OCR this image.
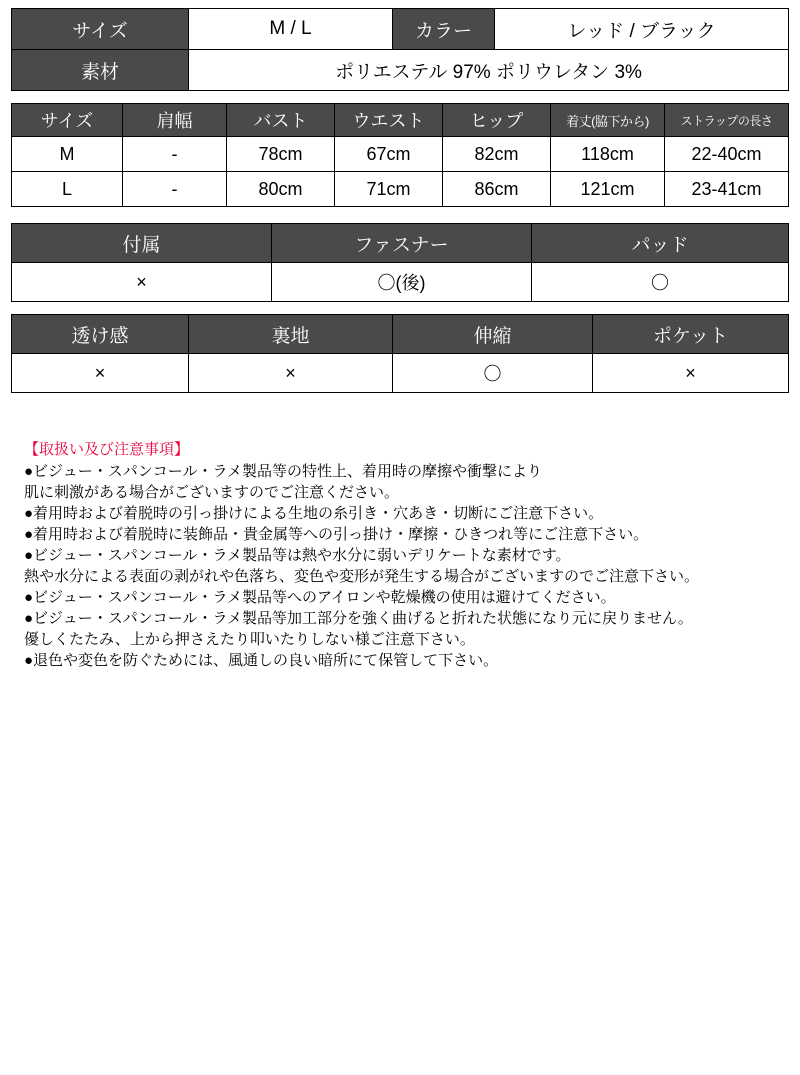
サイズ	M / L	カラー	レッド / ブラック
素材	ポリエステル 97% ポリウレタン 3%		
サイズ	肩幅	バスト	ウエスト	ヒップ	着丈(脇下から)	ストラップの長さ
M	-	78cm	67cm	82cm	118cm	22-40cm
L	-	80cm	71cm	86cm	121cm	23-41cm
付属	ファスナー	パッド
×	〇(後)	〇
透け感	裏地	伸縮	ポケット
×	×	〇	×
【取扱い及び注意事項】

●ビジュー・スパンコール・ラメ製品等の特性上、着用時の摩擦や衝撃により

肌に刺激がある場合がございますのでご注意ください。

●着用時および着脱時の引っ掛けによる生地の糸引き・穴あき・切断にご注意下さい。

●着用時および着脱時に装飾品・貴金属等への引っ掛け・摩擦・ひきつれ等にご注意下さい。

●ビジュー・スパンコール・ラメ製品等は熱や水分に弱いデリケートな素材です。

熱や水分による表面の剥がれや色落ち、変色や変形が発生する場合がございますのでご注意下さい。

●ビジュー・スパンコール・ラメ製品等へのアイロンや乾燥機の使用は避けてください。

●ビジュー・スパンコール・ラメ製品等加工部分を強く曲げると折れた状態になり元に戻りません。

優しくたたみ、上から押さえたり叩いたりしない様ご注意下さい。

●退色や変色を防ぐためには、風通しの良い暗所にて保管して下さい。
